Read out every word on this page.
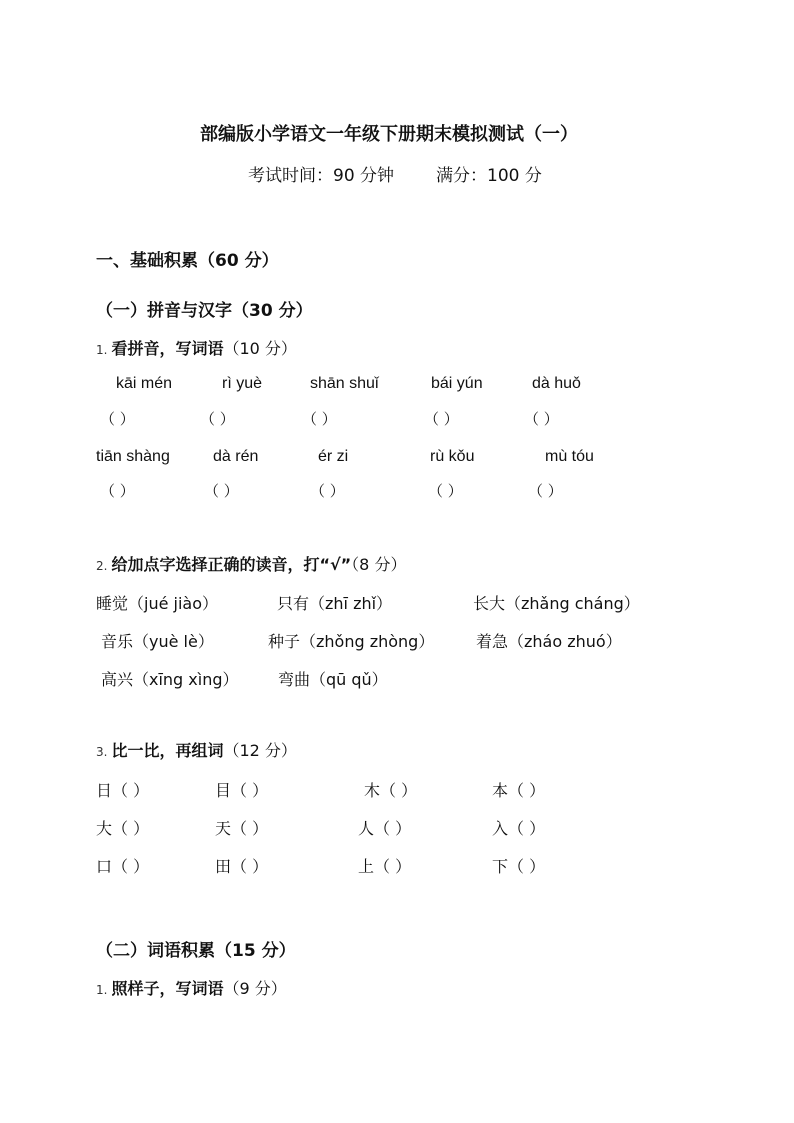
部编版小学语文一年级下册期末模拟测试（一）
考试时间：90 分钟 满分：100 分
一、基础积累（60 分）
（一）拼音与汉字（30 分）
1. 看拼音，写词语（10 分）
kāi mén	rì yuè	shān shuǐ	bái yún	dà huǒ
（ ）	（ ）	（ ）	（ ）	（ ）
tiān shàng	dà rén	ér zi	rù kǒu	mù tóu
（ ）	（ ）	（ ）	（ ）	（ ）
2. 给加点字选择正确的读音，打“√”（8 分）
睡觉（jué jiào）	只有（zhī zhǐ）	长大（zhǎng cháng）
音乐（yuè lè）	种子（zhǒng zhòng）	着急（zháo zhuó）
高兴（xīng xìng） 弯曲（qū qǔ）
3. 比一比，再组词（12 分）
日（ ）	目（ ）	木（ ）	本（ ）
大（ ）	天（ ）	人（ ）	入（ ）
口（ ）	田（ ）	上（ ）	下（ ）
（二）词语积累（15 分）
1. 照样子，写词语（9 分）
